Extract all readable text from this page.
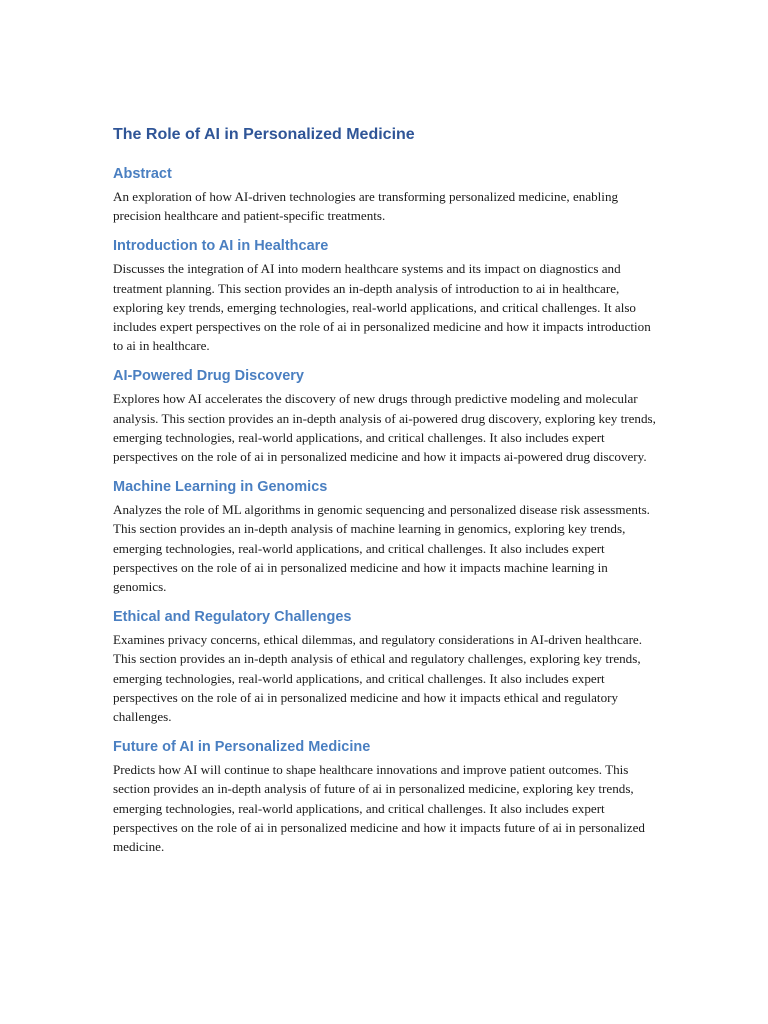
The Role of AI in Personalized Medicine
Abstract

An exploration of how AI-driven technologies are transforming personalized medicine, enabling precision healthcare and patient-specific treatments.

Introduction to AI in Healthcare

Discusses the integration of AI into modern healthcare systems and its impact on diagnostics and treatment planning. This section provides an in-depth analysis of introduction to ai in healthcare, exploring key trends, emerging technologies, real-world applications, and critical challenges. It also includes expert perspectives on the role of ai in personalized medicine and how it impacts introduction to ai in healthcare.

AI-Powered Drug Discovery

Explores how AI accelerates the discovery of new drugs through predictive modeling and molecular analysis. This section provides an in-depth analysis of ai-powered drug discovery, exploring key trends, emerging technologies, real-world applications, and critical challenges. It also includes expert perspectives on the role of ai in personalized medicine and how it impacts ai-powered drug discovery.

Machine Learning in Genomics

Analyzes the role of ML algorithms in genomic sequencing and personalized disease risk assessments. This section provides an in-depth analysis of machine learning in genomics, exploring key trends, emerging technologies, real-world applications, and critical challenges. It also includes expert perspectives on the role of ai in personalized medicine and how it impacts machine learning in genomics.

Ethical and Regulatory Challenges

Examines privacy concerns, ethical dilemmas, and regulatory considerations in AI-driven healthcare. This section provides an in-depth analysis of ethical and regulatory challenges, exploring key trends, emerging technologies, real-world applications, and critical challenges. It also includes expert perspectives on the role of ai in personalized medicine and how it impacts ethical and regulatory challenges.

Future of AI in Personalized Medicine

Predicts how AI will continue to shape healthcare innovations and improve patient outcomes. This section provides an in-depth analysis of future of ai in personalized medicine, exploring key trends, emerging technologies, real-world applications, and critical challenges. It also includes expert perspectives on the role of ai in personalized medicine and how it impacts future of ai in personalized medicine.
